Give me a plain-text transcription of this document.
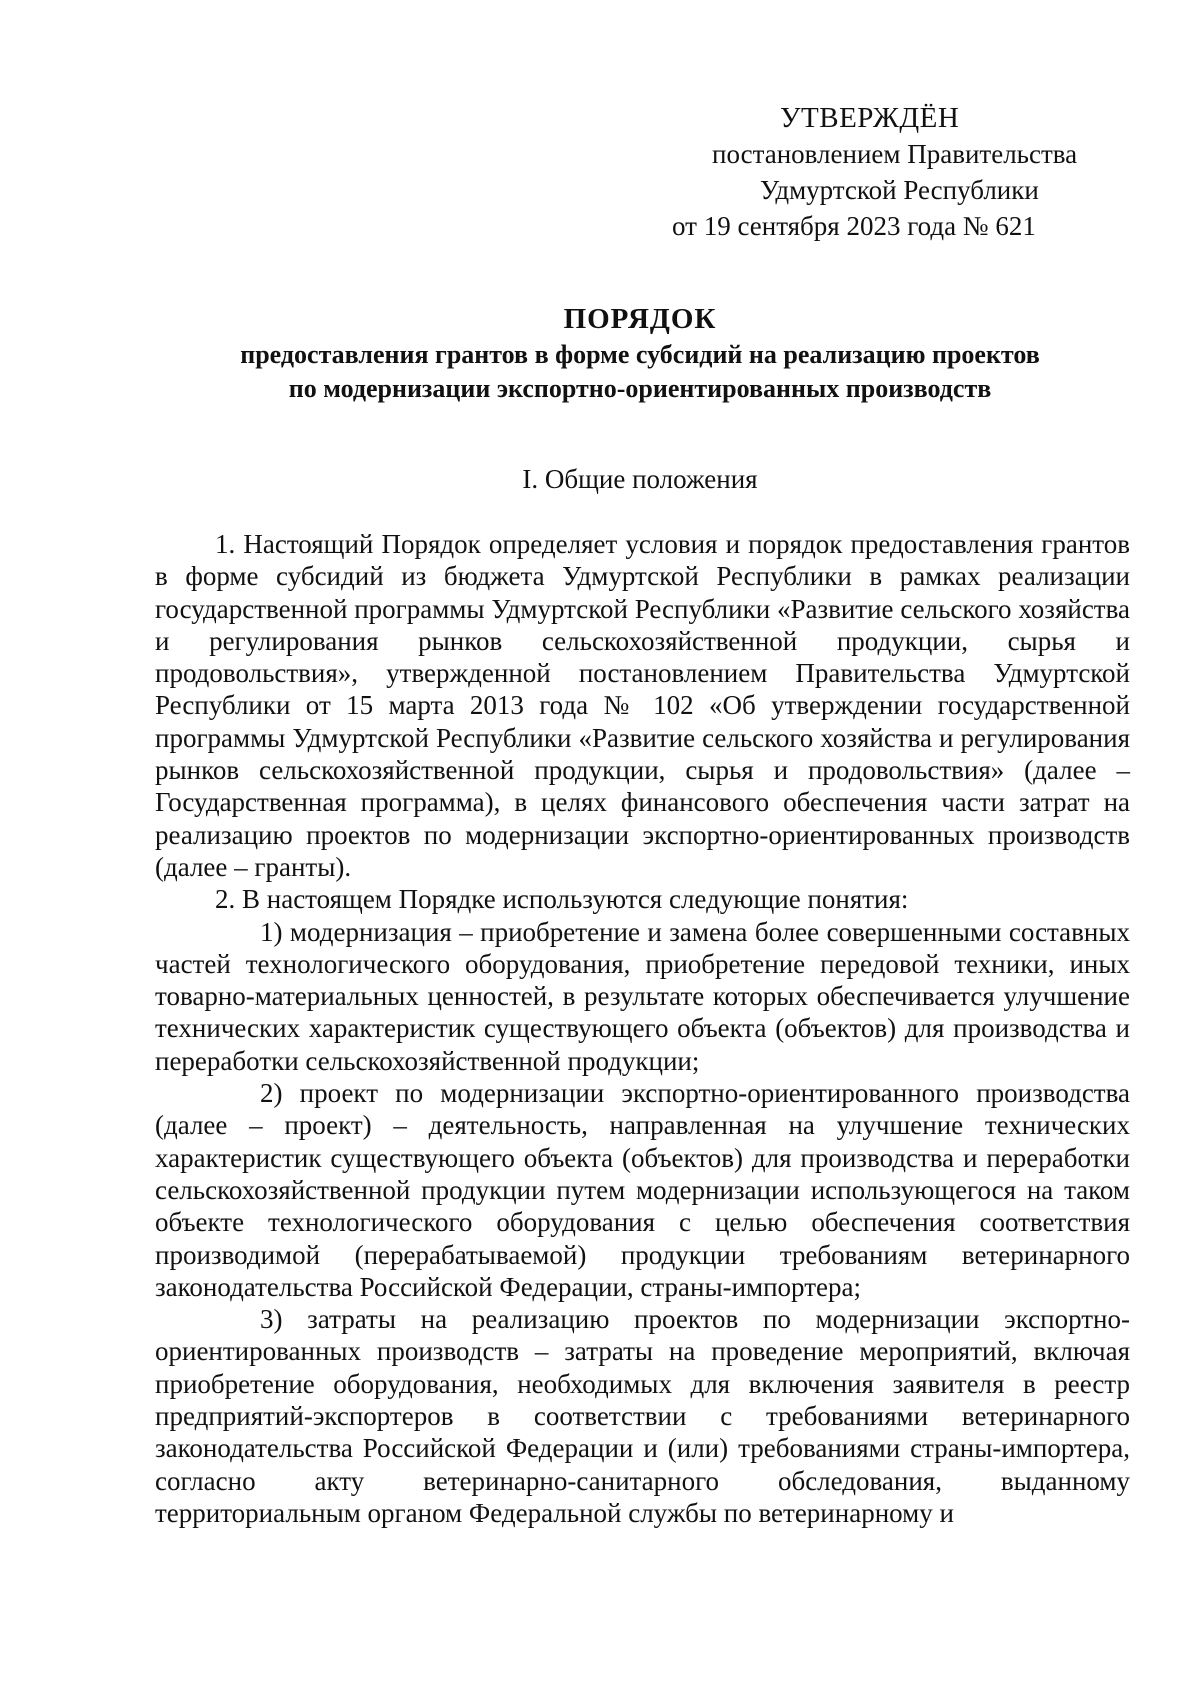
УТВЕРЖДЁН
постановлением Правительства
Удмуртской Республики
от 19 сентября 2023 года № 621
ПОРЯДОК
предоставления грантов в форме субсидий на реализацию проектов
по модернизации экспортно-ориентированных производств
I. Общие положения

1. Настоящий Порядок определяет условия и порядок предоставления грантов в форме субсидий из бюджета Удмуртской Республики в рамках реализации государственной программы Удмуртской Республики «Развитие сельского хозяйства и регулирования рынков сельскохозяйственной продукции, сырья и продовольствия», утвержденной постановлением Правительства Удмуртской Республики от 15 марта 2013 года № 102 «Об утверждении государственной программы Удмуртской Республики «Развитие сельского хозяйства и регулирования рынков сельскохозяйственной продукции, сырья и продовольствия» (далее – Государственная программа), в целях финансового обеспечения части затрат на реализацию проектов по модернизации экспортно-ориентированных производств (далее – гранты).

2. В настоящем Порядке используются следующие понятия:

1) модернизация – приобретение и замена более совершенными составных частей технологического оборудования, приобретение передовой техники, иных товарно-материальных ценностей, в результате которых обеспечивается улучшение технических характеристик существующего объекта (объектов) для производства и переработки сельскохозяйственной продукции;

2) проект по модернизации экспортно-ориентированного производства (далее – проект) – деятельность, направленная на улучшение технических характеристик существующего объекта (объектов) для производства и переработки сельскохозяйственной продукции путем модернизации использующегося на таком объекте технологического оборудования с целью обеспечения соответствия производимой (перерабатываемой) продукции требованиям ветеринарного законодательства Российской Федерации, страны-импортера;

3) затраты на реализацию проектов по модернизации экспортно-ориентированных производств – затраты на проведение мероприятий, включая приобретение оборудования, необходимых для включения заявителя в реестр предприятий-экспортеров в соответствии с требованиями ветеринарного законодательства Российской Федерации и (или) требованиями страны-импортера, согласно акту ветеринарно-санитарного обследования, выданному территориальным органом Федеральной службы по ветеринарному и
